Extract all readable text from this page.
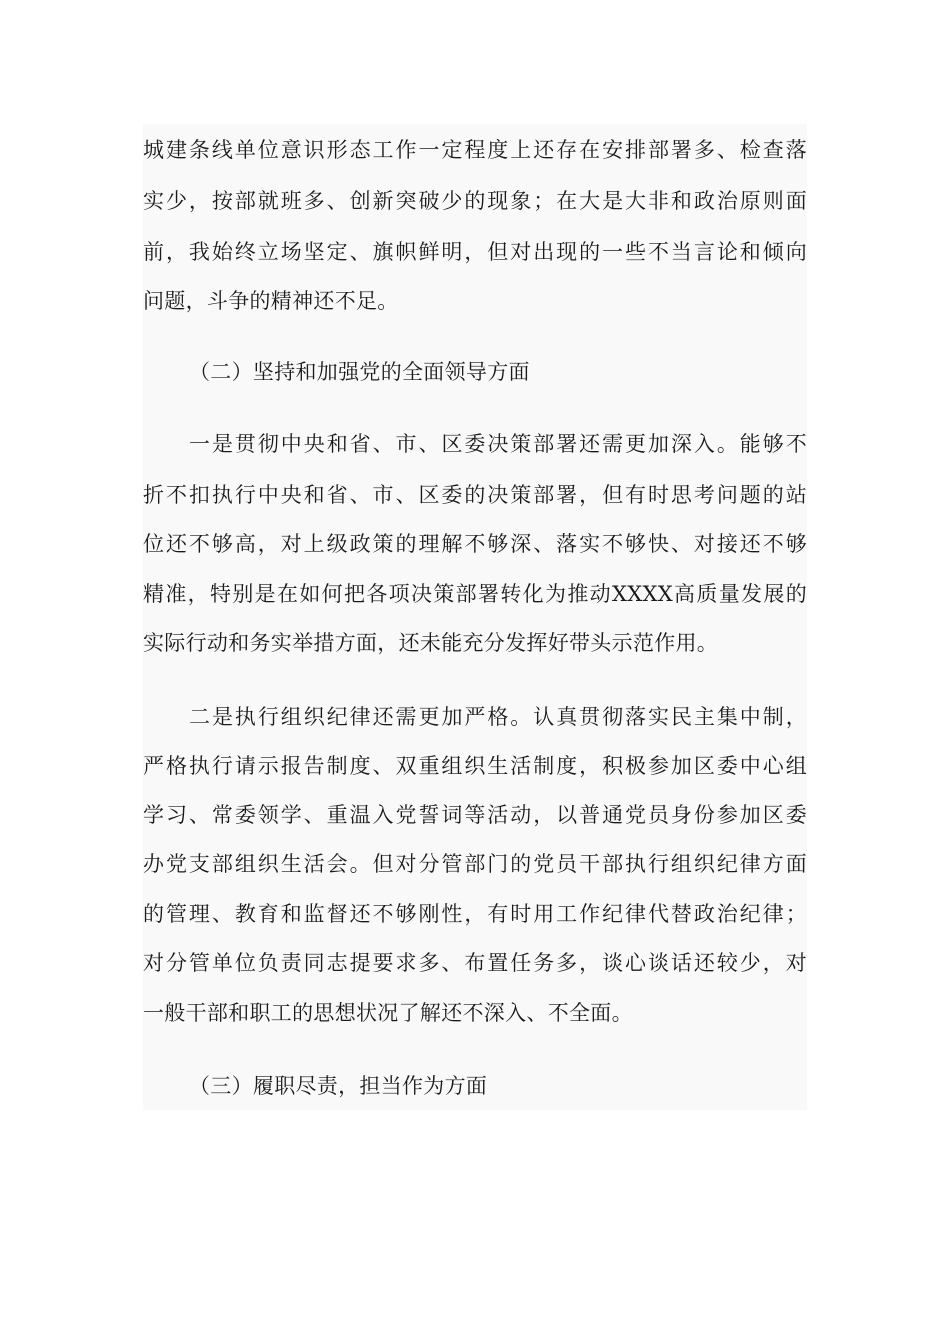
城建条线单位意识形态工作一定程度上还存在安排部署多、检查落
实少，按部就班多、创新突破少的现象；在大是大非和政治原则面
前，我始终立场坚定、旗帜鲜明，但对出现的一些不当言论和倾向
问题，斗争的精神还不足。
（二）坚持和加强党的全面领导方面
一是贯彻中央和省、市、区委决策部署还需更加深入。能够不
折不扣执行中央和省、市、区委的决策部署，但有时思考问题的站
位还不够高，对上级政策的理解不够深、落实不够快、对接还不够
精准，特别是在如何把各项决策部署转化为推动XXXX高质量发展的
实际行动和务实举措方面，还未能充分发挥好带头示范作用。
二是执行组织纪律还需更加严格。认真贯彻落实民主集中制，
严格执行请示报告制度、双重组织生活制度，积极参加区委中心组
学习、常委领学、重温入党誓词等活动，以普通党员身份参加区委
办党支部组织生活会。但对分管部门的党员干部执行组织纪律方面
的管理、教育和监督还不够刚性，有时用工作纪律代替政治纪律；
对分管单位负责同志提要求多、布置任务多，谈心谈话还较少，对
一般干部和职工的思想状况了解还不深入、不全面。
（三）履职尽责，担当作为方面
